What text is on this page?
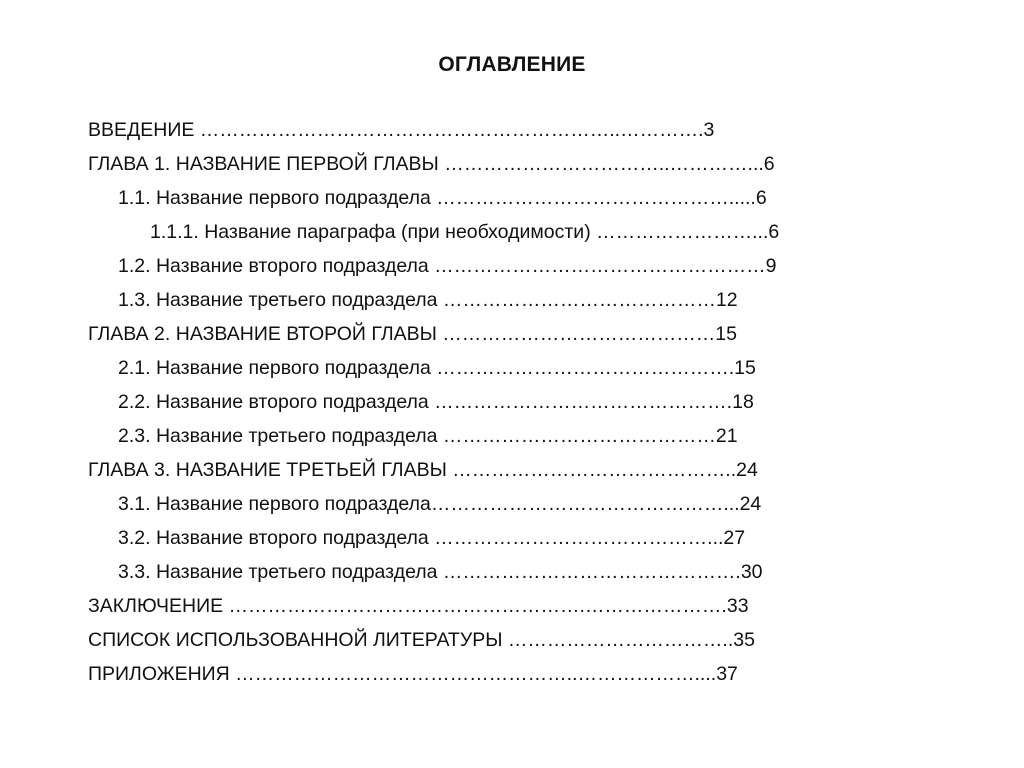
ОГЛАВЛЕНИЕ
ВВЕДЕНИЕ ………………………………………………………..………….3
ГЛАВА 1. НАЗВАНИЕ ПЕРВОЙ ГЛАВЫ ……………………………..…………...6
1.1. Название первого подраздела ……………………………………….....6
1.1.1. Название параграфа (при необходимости) ……………………...6
1.2. Название второго подраздела ……………………………………………9
1.3. Название третьего подраздела ……………………………………12
ГЛАВА 2. НАЗВАНИЕ ВТОРОЙ ГЛАВЫ ……………………………………15
2.1. Название первого подраздела ……………………………………….15
2.2. Название второго подраздела ……………………………………….18
2.3. Название третьего подраздела ……………………………………21
ГЛАВА 3. НАЗВАНИЕ ТРЕТЬЕЙ ГЛАВЫ ……………………………………..24
3.1. Название первого подраздела………………………………………...24
3.2. Название второго подраздела ……………………………………...27
3.3. Название третьего подраздела ……………………………………….30
ЗАКЛЮЧЕНИЕ ……………………………………………….………………….33
СПИСОК ИСПОЛЬЗОВАННОЙ ЛИТЕРАТУРЫ ……………………………..35
ПРИЛОЖЕНИЯ ……………………………………………..………………....37
